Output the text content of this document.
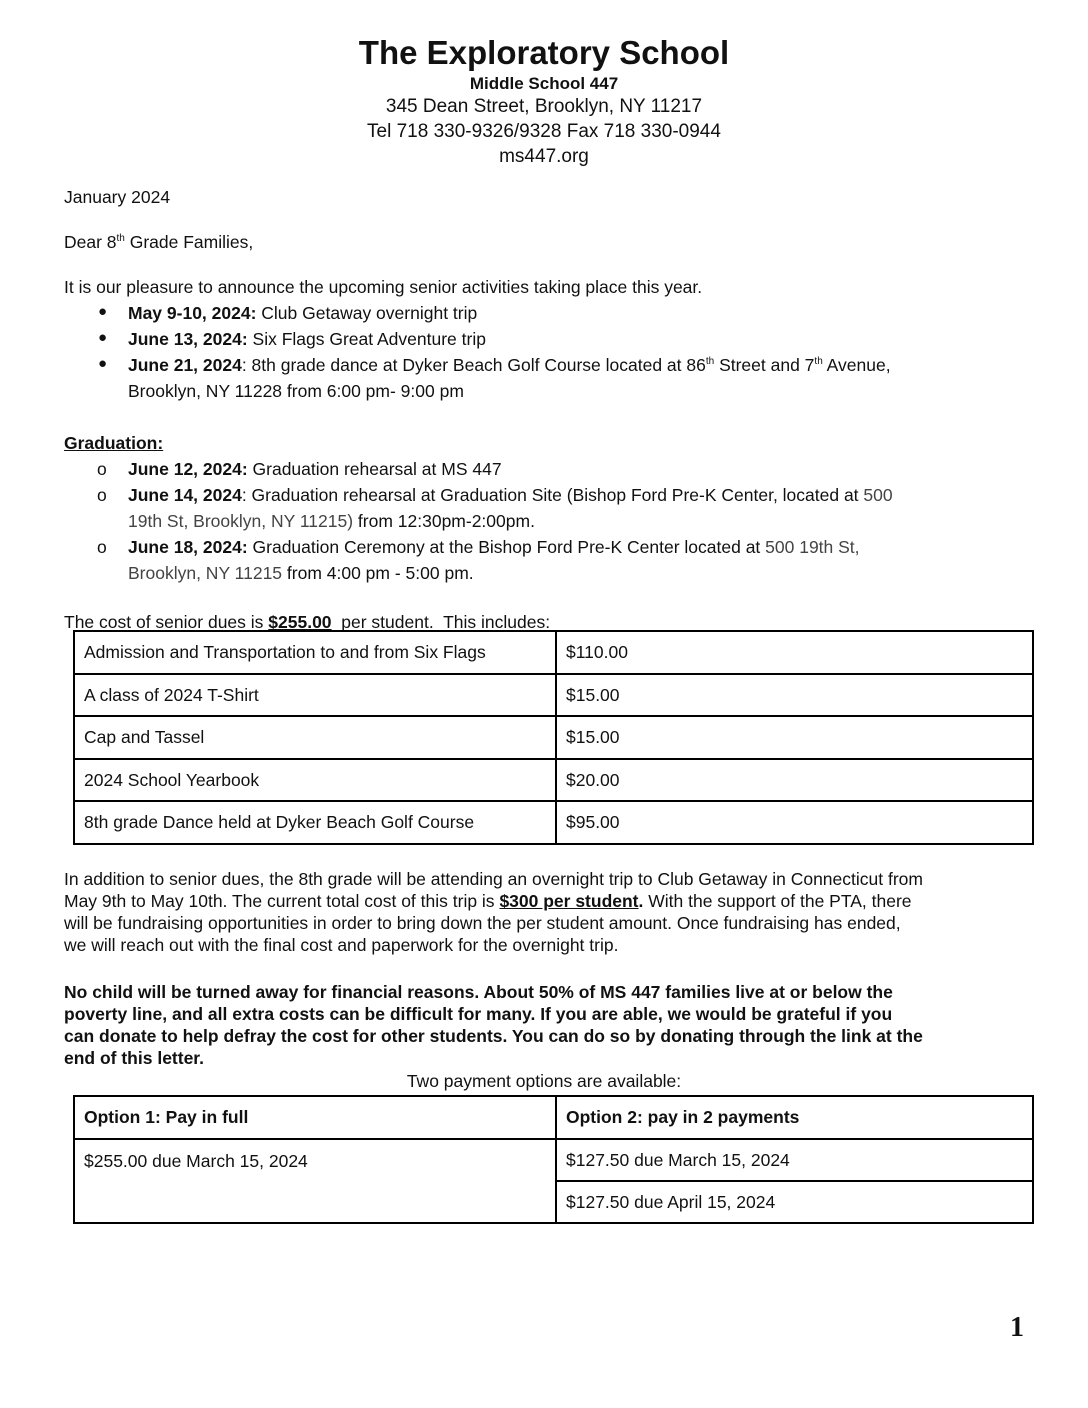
The Exploratory School
Middle School 447
345 Dean Street, Brooklyn, NY 11217
Tel 718 330-9326/9328 Fax 718 330-0944
ms447.org
January 2024
Dear 8th Grade Families,
It is our pleasure to announce the upcoming senior activities taking place this year.
● May 9-10, 2024: Club Getaway overnight trip
● June 13, 2024: Six Flags Great Adventure trip
● June 21, 2024: 8th grade dance at Dyker Beach Golf Course located at 86th Street and 7th Avenue,
Brooklyn, NY 11228 from 6:00 pm- 9:00 pm
Graduation:
o June 12, 2024: Graduation rehearsal at MS 447
o June 14, 2024: Graduation rehearsal at Graduation Site (Bishop Ford Pre-K Center, located at 500
19th St, Brooklyn, NY 11215) from 12:30pm-2:00pm.
o June 18, 2024: Graduation Ceremony at the Bishop Ford Pre-K Center located at 500 19th St,
Brooklyn, NY 11215 from 4:00 pm - 5:00 pm.
The cost of senior dues is $255.00  per student.  This includes:
Admission and Transportation to and from Six Flags	$110.00
A class of 2024 T-Shirt	$15.00
Cap and Tassel	$15.00
2024 School Yearbook	$20.00
8th grade Dance held at Dyker Beach Golf Course	$95.00
In addition to senior dues, the 8th grade will be attending an overnight trip to Club Getaway in Connecticut from
May 9th to May 10th. The current total cost of this trip is $300 per student. With the support of the PTA, there
will be fundraising opportunities in order to bring down the per student amount. Once fundraising has ended,
we will reach out with the final cost and paperwork for the overnight trip.
No child will be turned away for financial reasons. About 50% of MS 447 families live at or below the
poverty line, and all extra costs can be difficult for many. If you are able, we would be grateful if you
can donate to help defray the cost for other students. You can do so by donating through the link at the
end of this letter.
Two payment options are available:
Option 1: Pay in full	Option 2: pay in 2 payments
$255.00 due March 15, 2024	$127.50 due March 15, 2024
	$127.50 due April 15, 2024
1
